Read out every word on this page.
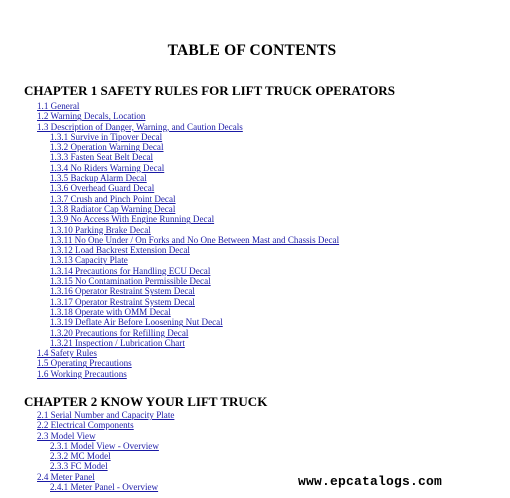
TABLE OF CONTENTS
CHAPTER 1 SAFETY RULES FOR LIFT TRUCK OPERATORS
1.1 General
1.2 Warning Decals, Location
1.3 Description of Danger, Warning, and Caution Decals
1.3.1 Survive in Tipover Decal
1.3.2 Operation Warning Decal
1.3.3 Fasten Seat Belt Decal
1.3.4 No Riders Warning Decal
1.3.5 Backup Alarm Decal
1.3.6 Overhead Guard Decal
1.3.7 Crush and Pinch Point Decal
1.3.8 Radiator Cap Warning Decal
1.3.9 No Access With Engine Running Decal
1.3.10 Parking Brake Decal
1.3.11 No One Under / On Forks and No One Between Mast and Chassis Decal
1.3.12 Load Backrest Extension Decal
1.3.13 Capacity Plate
1.3.14 Precautions for Handling ECU Decal
1.3.15 No Contamination Permissible Decal
1.3.16 Operator Restraint System Decal
1.3.17 Operator Restraint System Decal
1.3.18 Operate with OMM Decal
1.3.19 Deflate Air Before Loosening Nut Decal
1.3.20 Precautions for Refilling Decal
1.3.21 Inspection / Lubrication Chart
1.4 Safety Rules
1.5 Operating Precautions
1.6 Working Precautions
CHAPTER 2 KNOW YOUR LIFT TRUCK
2.1 Serial Number and Capacity Plate
2.2 Electrical Components
2.3 Model View
2.3.1 Model View - Overview
2.3.2 MC Model
2.3.3 FC Model
2.4 Meter Panel
2.4.1 Meter Panel - Overview	www.epcatalogs.com
